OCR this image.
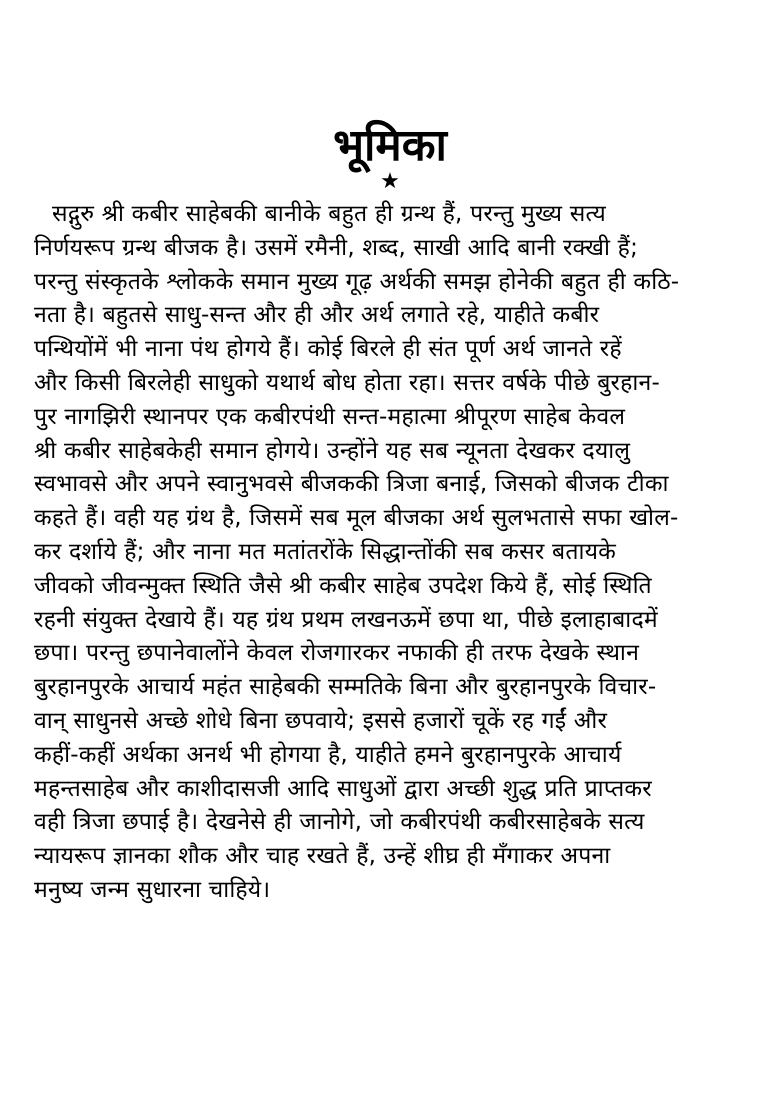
भूमिका
★
सद्गुरु श्री कबीर साहेबकी बानीके बहुत ही ग्रन्थ हैं, परन्तु मुख्य सत्य
निर्णयरूप ग्रन्थ बीजक है। उसमें रमैनी, शब्द, साखी आदि बानी रक्खी हैं;
परन्तु संस्कृतके श्लोकके समान मुख्य गूढ़ अर्थकी समझ होनेकी बहुत ही कठि-
नता है। बहुतसे साधु-सन्त और ही और अर्थ लगाते रहे, याहीते कबीर
पन्थियोंमें भी नाना पंथ होगये हैं। कोई बिरले ही संत पूर्ण अर्थ जानते रहें
और किसी बिरलेही साधुको यथार्थ बोध होता रहा। सत्तर वर्षके पीछे बुरहान-
पुर नागझिरी स्थानपर एक कबीरपंथी सन्त-महात्मा श्रीपूरण साहेब केवल
श्री कबीर साहेबकेही समान होगये। उन्होंने यह सब न्यूनता देखकर दयालु
स्वभावसे और अपने स्वानुभवसे बीजककी त्रिजा बनाई, जिसको बीजक टीका
कहते हैं। वही यह ग्रंथ है, जिसमें सब मूल बीजका अर्थ सुलभतासे सफा खोल-
कर दर्शाये हैं; और नाना मत मतांतरोंके सिद्धान्तोंकी सब कसर बतायके
जीवको जीवन्मुक्त स्थिति जैसे श्री कबीर साहेब उपदेश किये हैं, सोई स्थिति
रहनी संयुक्त देखाये हैं। यह ग्रंथ प्रथम लखनऊमें छपा था, पीछे इलाहाबादमें
छपा। परन्तु छपानेवालोंने केवल रोजगारकर नफाकी ही तरफ देखके स्थान
बुरहानपुरके आचार्य महंत साहेबकी सम्मतिके बिना और बुरहानपुरके विचार-
वान् साधुनसे अच्छे शोधे बिना छपवाये; इससे हजारों चूकें रह गईं और
कहीं-कहीं अर्थका अनर्थ भी होगया है, याहीते हमने बुरहानपुरके आचार्य
महन्तसाहेब और काशीदासजी आदि साधुओं द्वारा अच्छी शुद्ध प्रति प्राप्तकर
वही त्रिजा छपाई है। देखनेसे ही जानोगे, जो कबीरपंथी कबीरसाहेबके सत्य
न्यायरूप ज्ञानका शौक और चाह रखते हैं, उन्हें शीघ्र ही मँगाकर अपना
मनुष्य जन्म सुधारना चाहिये।
